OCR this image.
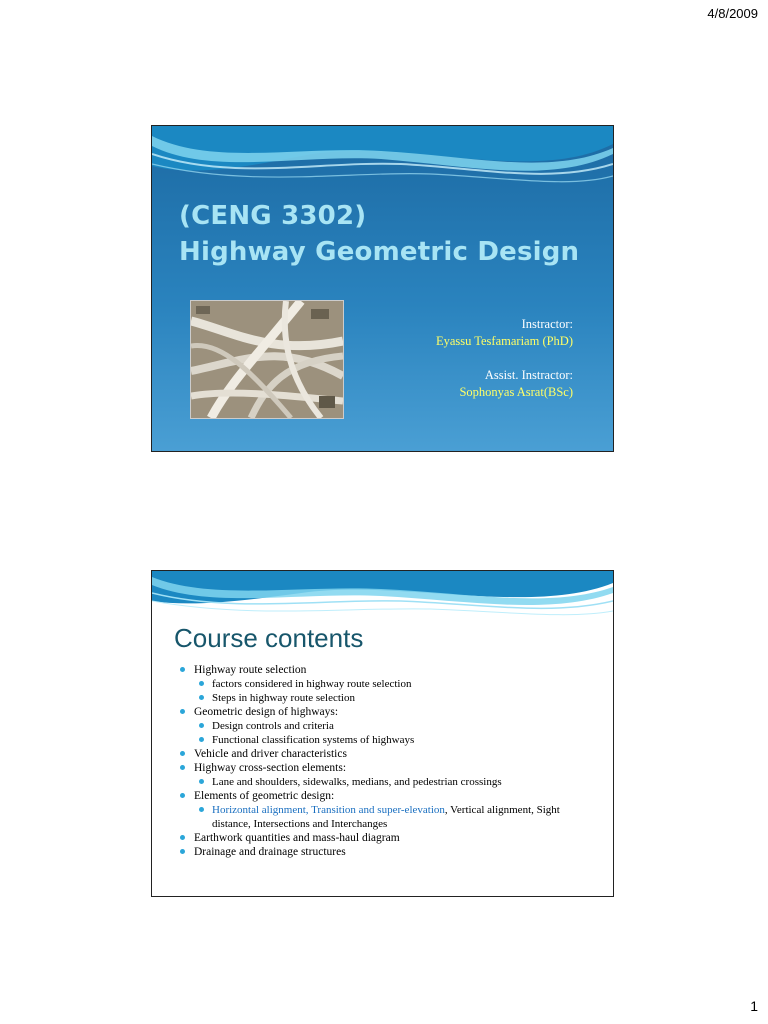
4/8/2009
(CENG 3302)
Highway Geometric Design
Instractor:
Eyassu Tesfamariam (PhD)
Assist. Instractor:
Sophonyas Asrat(BSc)
Course contents
Highway route selection
factors considered in highway route selection
Steps in highway route selection
Geometric design of highways:
Design controls and criteria
Functional classification systems of highways
Vehicle and driver characteristics
Highway cross-section elements:
Lane and shoulders, sidewalks, medians, and pedestrian crossings
Elements of geometric design:
Horizontal alignment, Transition and super-elevation, Vertical alignment, Sight distance, Intersections and Interchanges
Earthwork quantities and mass-haul diagram
Drainage and drainage structures
1
